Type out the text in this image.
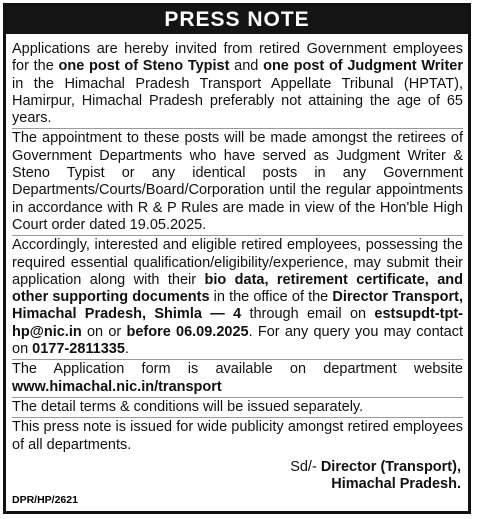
PRESS NOTE

Applications are hereby invited from retired Government employees for the one post of Steno Typist and one post of Judgment Writer in the Himachal Pradesh Transport Appellate Tribunal (HPTAT), Hamirpur, Himachal Pradesh preferably not attaining the age of 65 years.

The appointment to these posts will be made amongst the retirees of Government Departments who have served as Judgment Writer & Steno Typist or any identical posts in any Government Departments/Courts/Board/Corporation until the regular appointments in accordance with R & P Rules are made in view of the Hon'ble High Court order dated 19.05.2025.

Accordingly, interested and eligible retired employees, possessing the required essential qualification/eligibility/experience, may submit their application along with their bio data, retirement certificate, and other supporting documents in the office of the Director Transport, Himachal Pradesh, Shimla — 4 through email on estsupdt-tpt-hp@nic.in on or before 06.09.2025. For any query you may contact on 0177-2811335.

The Application form is available on department website www.himachal.nic.in/transport

The detail terms & conditions will be issued separately.

This press note is issued for wide publicity amongst retired employees of all departments.

Sd/- Director (Transport),
Himachal Pradesh.
DPR/HP/2621
